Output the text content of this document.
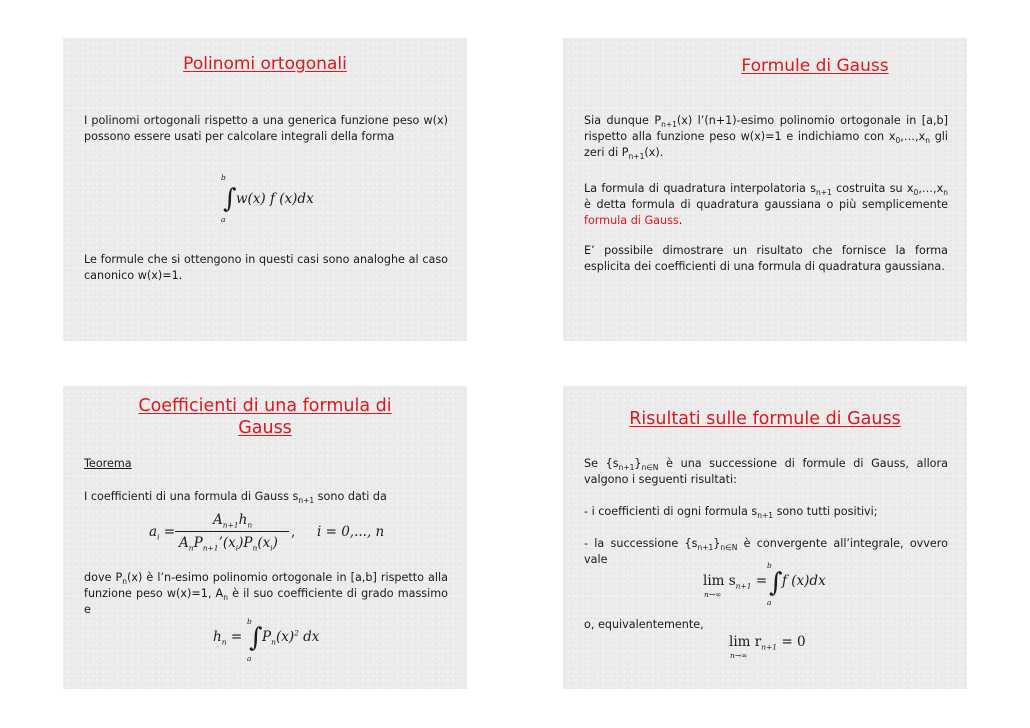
Polinomi ortogonali
I polinomi ortogonali rispetto a una generica funzione peso w(x) possono essere usati per calcolare integrali della forma
b
∫ w(x) f (x)dx
a
Le formule che si ottengono in questi casi sono analoghe al caso canonico w(x)=1.
Formule di Gauss
Sia dunque $P_{n+1}(x)$ l’(n+1)-esimo polinomio ortogonale in [a,b] rispetto alla funzione peso w(x)=1 e indichiamo con $x_0,\dots,x_n$ gli zeri di $P_{n+1}(x)$.
La formula di quadratura interpolatoria $s_{n+1}$ costruita su $x_0,\dots,x_n$ è detta formula di quadratura gaussiana o più semplicemente formula di Gauss.
E’ possibile dimostrare un risultato che fornisce la forma esplicita dei coefficienti di una formula di quadratura gaussiana.
Coefficienti di una formula di
Gauss
Teorema
I coefficienti di una formula di Gauss $s_{n+1}$ sono dati da
$a_i$ =
$A_{n+1}h_n$
$A_nP_{n+1}’(x_i)P_n(x_i)$
, i = 0,..., n
dove $P_n(x)$ è l’n-esimo polinomio ortogonale in [a,b] rispetto alla funzione peso w(x)=1, $A_n$ è il suo coefficiente di grado massimo e
$h_n$ =
b
∫ $P_n(x)^2$ dx
a
Risultati sulle formule di Gauss
Se $\{s_{n+1}\}_{n\in N}$ è una successione di formule di Gauss, allora valgono i seguenti risultati:
- i coefficienti di ogni formula $s_{n+1}$ sono tutti positivi;
- la successione $\{s_{n+1}\}_{n\in N}$ è convergente all’integrale, ovvero vale
$\lim s_{n+1}$ =
n→∞
b
∫ f (x)dx
a
o, equivalentemente,
$\lim r_{n+1} = 0$
n→∞
